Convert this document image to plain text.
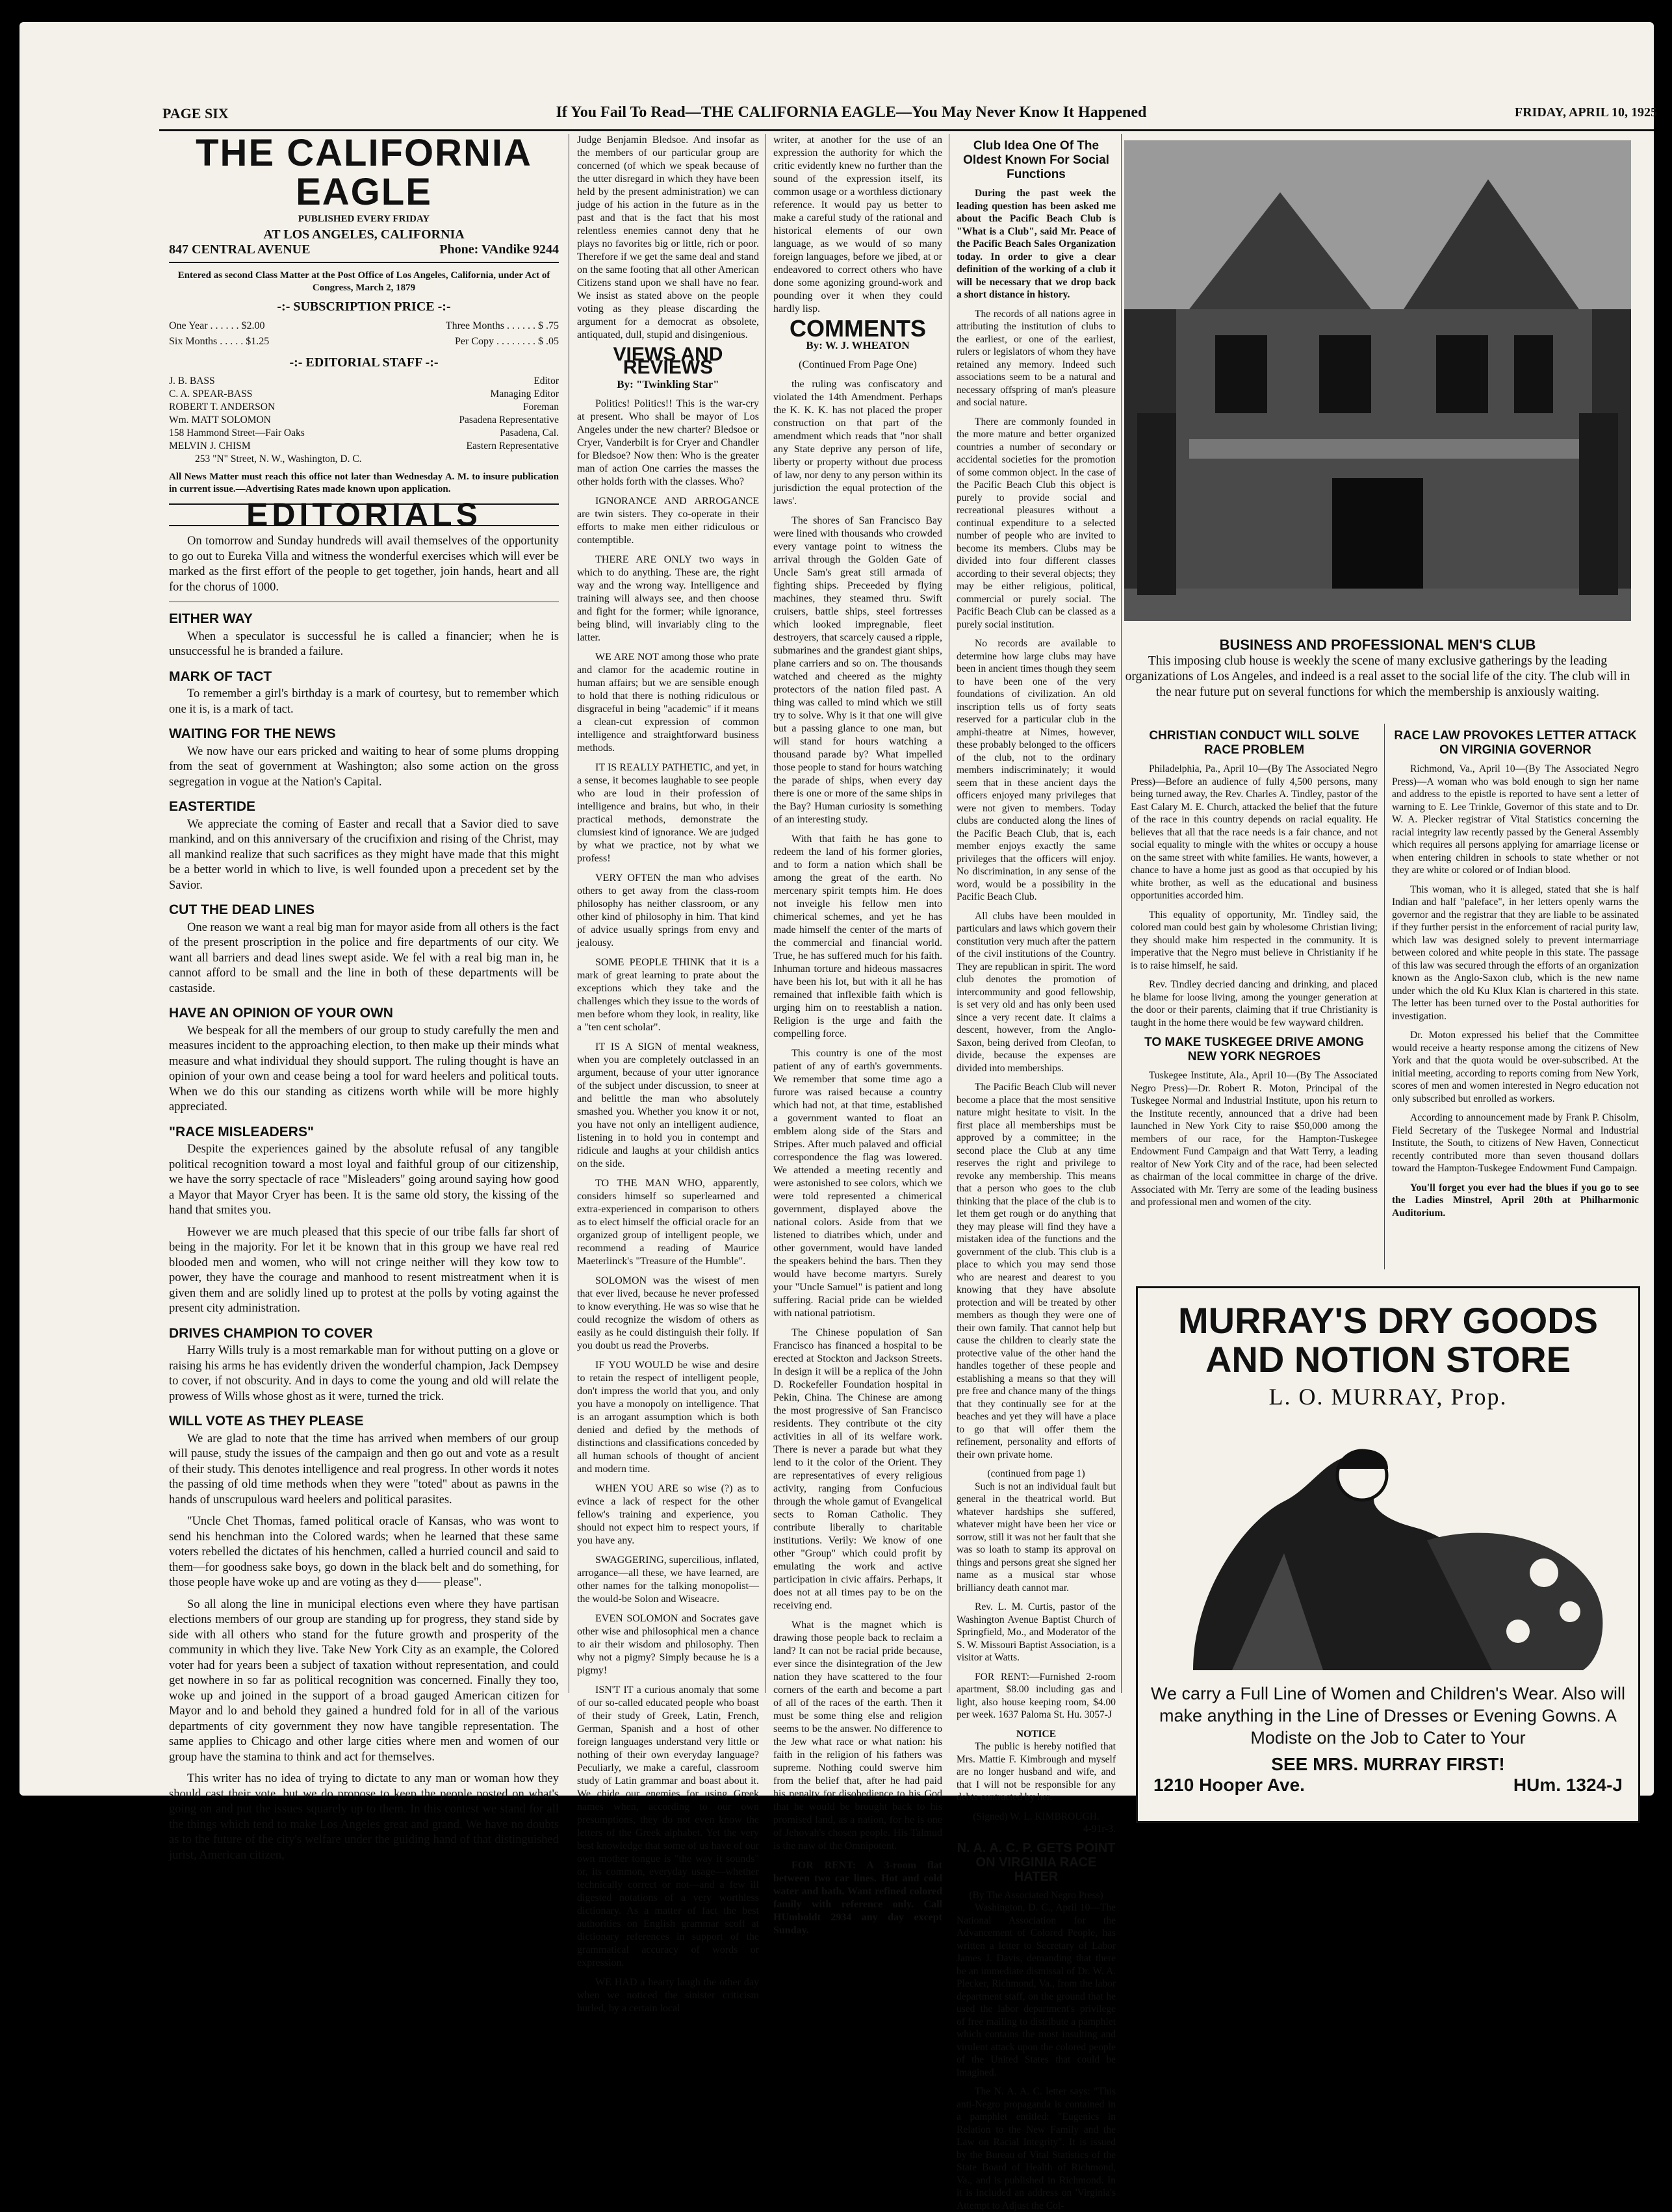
PAGE SIX	If You Fail To Read—THE CALIFORNIA EAGLE—You May Never Know It Happened	FRIDAY, APRIL 10, 1925
THE CALIFORNIA EAGLE
PUBLISHED EVERY FRIDAY
AT LOS ANGELES, CALIFORNIA
847 CENTRAL AVENUE	Phone: VAndike 9244
Entered as second Class Matter at the Post Office of Los Angeles, California, under Act of Congress, March 2, 1879
-:- SUBSCRIPTION PRICE -:-
One Year . . . . . . $2.00	Three Months . . . . . . $ .75
Six Months . . . . . $1.25	Per Copy . . . . . . . . $ .05
-:- EDITORIAL STAFF -:-
J. B. BASS	Editor
C. A. SPEAR-BASS	Managing Editor
ROBERT T. ANDERSON	Foreman
Wm. MATT SOLOMON	Pasadena Representative
158 Hammond Street—Fair Oaks	Pasadena, Cal.
MELVIN J. CHISM	Eastern Representative
253 "N" Street, N. W., Washington, D. C.
All News Matter must reach this office not later than Wednesday A. M. to insure publication in current issue.—Advertising Rates made known upon application.
EDITORIALS

On tomorrow and Sunday hundreds will avail themselves of the opportunity to go out to Eureka Villa and witness the wonderful exercises which will ever be marked as the first effort of the people to get together, join hands, heart and all for the chorus of 1000.

EITHER WAY

When a speculator is successful he is called a financier; when he is unsuccessful he is branded a failure.

MARK OF TACT

To remember a girl's birthday is a mark of courtesy, but to remember which one it is, is a mark of tact.

WAITING FOR THE NEWS

We now have our ears pricked and waiting to hear of some plums dropping from the seat of government at Washington; also some action on the gross segregation in vogue at the Nation's Capital.

EASTERTIDE

We appreciate the coming of Easter and recall that a Savior died to save mankind, and on this anniversary of the crucifixion and rising of the Christ, may all mankind realize that such sacrifices as they might have made that this might be a better world in which to live, is well founded upon a precedent set by the Savior.

CUT THE DEAD LINES

One reason we want a real big man for mayor aside from all others is the fact of the present proscription in the police and fire departments of our city. We want all barriers and dead lines swept aside. We fel with a real big man in, he cannot afford to be small and the line in both of these departments will be castaside.

HAVE AN OPINION OF YOUR OWN

We bespeak for all the members of our group to study carefully the men and measures incident to the approaching election, to then make up their minds what measure and what individual they should support. The ruling thought is have an opinion of your own and cease being a tool for ward heelers and political touts. When we do this our standing as citizens worth while will be more highly appreciated.

"RACE MISLEADERS"

Despite the experiences gained by the absolute refusal of any tangible political recognition toward a most loyal and faithful group of our citizenship, we have the sorry spectacle of race "Misleaders" going around saying how good a Mayor that Mayor Cryer has been. It is the same old story, the kissing of the hand that smites you.

However we are much pleased that this specie of our tribe falls far short of being in the majority. For let it be known that in this group we have real red blooded men and women, who will not cringe neither will they kow tow to power, they have the courage and manhood to resent mistreatment when it is given them and are solidly lined up to protest at the polls by voting against the present city administration.

DRIVES CHAMPION TO COVER

Harry Wills truly is a most remarkable man for without putting on a glove or raising his arms he has evidently driven the wonderful champion, Jack Dempsey to cover, if not obscurity. And in days to come the young and old will relate the prowess of Wills whose ghost as it were, turned the trick.

WILL VOTE AS THEY PLEASE

We are glad to note that the time has arrived when members of our group will pause, study the issues of the campaign and then go out and vote as a result of their study. This denotes intelligence and real progress. In other words it notes the passing of old time methods when they were "toted" about as pawns in the hands of unscrupulous ward heelers and political parasites.

"Uncle Chet Thomas, famed political oracle of Kansas, who was wont to send his henchman into the Colored wards; when he learned that these same voters rebelled the dictates of his henchmen, called a hurried council and said to them—for goodness sake boys, go down in the black belt and do something, for those people have woke up and are voting as they d—— please".

So all along the line in municipal elections even where they have partisan elections members of our group are standing up for progress, they stand side by side with all others who stand for the future growth and prosperity of the community in which they live. Take New York City as an example, the Colored voter had for years been a subject of taxation without representation, and could get nowhere in so far as political recognition was concerned. Finally they too, woke up and joined in the support of a broad gauged American citizen for Mayor and lo and behold they gained a hundred fold for in all of the various departments of city government they now have tangible representation. The same applies to Chicago and other large cities where men and women of our group have the stamina to think and act for themselves.

This writer has no idea of trying to dictate to any man or woman how they should cast their vote, but we do propose to keep the people posted on what's going on and put the issues squarely up to them. In this contest we stand for all the things which tend to make Los Angeles great and grand. We have no doubts as to the future of the city's welfare under the guiding hand of that distinguished jurist, American citizen,

Judge Benjamin Bledsoe. And insofar as the members of our particular group are concerned (of which we speak because of the utter disregard in which they have been held by the present administration) we can judge of his action in the future as in the past and that is the fact that his most relentless enemies cannot deny that he plays no favorites big or little, rich or poor. Therefore if we get the same deal and stand on the same footing that all other American Citizens stand upon we shall have no fear. We insist as stated above on the people voting as they please discarding the argument for a democrat as obsolete, antiquated, dull, stupid and disingenious.

VIEWS AND REVIEWS
By: "Twinkling Star"

Politics! Politics!! This is the war-cry at present. Who shall be mayor of Los Angeles under the new charter? Bledsoe or Cryer, Vanderbilt is for Cryer and Chandler for Bledsoe? Now then: Who is the greater man of action One carries the masses the other holds forth with the classes. Who?

IGNORANCE AND ARROGANCE are twin sisters. They co-operate in their efforts to make men either ridiculous or contemptible.

THERE ARE ONLY two ways in which to do anything. These are, the right way and the wrong way. Intelligence and training will always see, and then choose and fight for the former; while ignorance, being blind, will invariably cling to the latter.

WE ARE NOT among those who prate and clamor for the academic routine in human affairs; but we are sensible enough to hold that there is nothing ridiculous or disgraceful in being "academic" if it means a clean-cut expression of common intelligence and straightforward business methods.

IT IS REALLY PATHETIC, and yet, in a sense, it becomes laughable to see people who are loud in their profession of intelligence and brains, but who, in their practical methods, demonstrate the clumsiest kind of ignorance. We are judged by what we practice, not by what we profess!

VERY OFTEN the man who advises others to get away from the class-room philosophy has neither classroom, or any other kind of philosophy in him. That kind of advice usually springs from envy and jealousy.

SOME PEOPLE THINK that it is a mark of great learning to prate about the exceptions which they take and the challenges which they issue to the words of men before whom they look, in reality, like a "ten cent scholar".

IT IS A SIGN of mental weakness, when you are completely outclassed in an argument, because of your utter ignorance of the subject under discussion, to sneer at and belittle the man who absolutely smashed you. Whether you know it or not, you have not only an intelligent audience, listening in to hold you in contempt and ridicule and laughs at your childish antics on the side.

TO THE MAN WHO, apparently, considers himself so superlearned and extra-experienced in comparison to others as to elect himself the official oracle for an organized group of intelligent people, we recommend a reading of Maurice Maeterlinck's "Treasure of the Humble".

SOLOMON was the wisest of men that ever lived, because he never professed to know everything. He was so wise that he could recognize the wisdom of others as easily as he could distinguish their folly. If you doubt us read the Proverbs.

IF YOU WOULD be wise and desire to retain the respect of intelligent people, don't impress the world that you, and only you have a monopoly on intelligence. That is an arrogant assumption which is both denied and defied by the methods of distinctions and classifications conceded by all human schools of thought of ancient and modern time.

WHEN YOU ARE so wise (?) as to evince a lack of respect for the other fellow's training and experience, you should not expect him to respect yours, if you have any.

SWAGGERING, supercilious, inflated, arrogance—all these, we have learned, are other names for the talking monopolist—the would-be Solon and Wiseacre.

EVEN SOLOMON and Socrates gave other wise and philosophical men a chance to air their wisdom and philosophy. Then why not a pigmy? Simply because he is a pigmy!

ISN'T IT a curious anomaly that some of our so-called educated people who boast of their study of Greek, Latin, French, German, Spanish and a host of other foreign languages understand very little or nothing of their own everyday language? Peculiarly, we make a careful, classroom study of Latin grammar and boast about it. We chide our enemies for using Greek names when, according to our own presumptions, they do not even know the letters of the Greek alphabet. Yet the very best knowledge that some of us have of our own mother tongue is "the way it sounds" or, its common, everyday usage—whether technically correct or not—and a few ill digested notations of a very worthless dictionary. As a matter of fact the best authorities on English grammar scoff at dictionary references in support of the grammatical accuracy of words or expression.

WE HAD a hearty laugh the other day when we noticed the sinister criticism hurled, by a certain local

writer, at another for the use of an expression the authority for which the critic evidently knew no further than the sound of the expression itself, its common usage or a worthless dictionary reference. It would pay us better to make a careful study of the rational and historical elements of our own language, as we would of so many foreign languages, before we jibed, at or endeavored to correct others who have done some agonizing ground-work and pounding over it when they could hardly lisp.

COMMENTS
By: W. J. WHEATON
(Continued From Page One)

the ruling was confiscatory and violated the 14th Amendment. Perhaps the K. K. K. has not placed the proper construction on that part of the amendment which reads that "nor shall any State deprive any person of life, liberty or property without due process of law, nor deny to any person within its jurisdiction the equal protection of the laws'.

The shores of San Francisco Bay were lined with thousands who crowded every vantage point to witness the arrival through the Golden Gate of Uncle Sam's great still armada of fighting ships. Preceeded by flying machines, they steamed thru. Swift cruisers, battle ships, steel fortresses which looked impregnable, fleet destroyers, that scarcely caused a ripple, submarines and the grandest giant ships, plane carriers and so on. The thousands watched and cheered as the mighty protectors of the nation filed past. A thing was called to mind which we still try to solve. Why is it that one will give but a passing glance to one man, but will stand for hours watching a thousand parade by? What impelled those people to stand for hours watching the parade of ships, when every day there is one or more of the same ships in the Bay? Human curiosity is something of an interesting study.

With that faith he has gone to redeem the land of his former glories, and to form a nation which shall be among the great of the earth. No mercenary spirit tempts him. He does not inveigle his fellow men into chimerical schemes, and yet he has made himself the center of the marts of the commercial and financial world. True, he has suffered much for his faith. Inhuman torture and hideous massacres have been his lot, but with it all he has remained that inflexible faith which is urging him on to reestablish a nation. Religion is the urge and faith the compelling force.

This country is one of the most patient of any of earth's governments. We remember that some time ago a furore was raised because a country which had not, at that time, established a government wanted to float an emblem along side of the Stars and Stripes. After much palaved and official correspondence the flag was lowered. We attended a meeting recently and were astonished to see colors, which we were told represented a chimerical government, displayed above the national colors. Aside from that we listened to diatribes which, under and other government, would have landed the speakers behind the bars. Then they would have become martyrs. Surely your "Uncle Samuel" is patient and long suffering. Racial pride can be wielded with national patriotism.

The Chinese population of San Francisco has financed a hospital to be erected at Stockton and Jackson Streets. In design it will be a replica of the John D. Rockefeller Foundation hospital in Pekin, China. The Chinese are among the most progressive of San Francisco residents. They contribute ot the city activities in all of its welfare work. There is never a parade but what they lend to it the color of the Orient. They are representatives of every religious activity, ranging from Confucious through the whole gamut of Evangelical sects to Roman Catholic. They contribute liberally to charitable institutions. Verily: We know of one other "Group" which could profit by emulating the work and active participation in civic affairs. Perhaps, it does not at all times pay to be on the receiving end.

What is the magnet which is drawing those people back to reclaim a land? It can not be racial pride because, ever since the disintegration of the Jew nation they have scattered to the four corners of the earth and become a part of all of the races of the earth. Then it must be some thing else and religion seems to be the answer. No difference to the Jew what race or what nation: his faith in the religion of his fathers was supreme. Nothing could swerve him from the belief that, after he had paid his penalty for disobedience to his God that he would be brought back to his promised land, as a nation, for he is one of Jehovah's chosen people. His Talmud is the naw of the Omnipotent.

FOR RENT: A 3-room flat between two car lines. Hot and cold water and bath. Want refined colored family with reference only. Call HUmboldt 2934 any day except Sunday.

Club Idea One Of The Oldest Known For Social Functions

During the past week the leading question has been asked me about the Pacific Beach Club is "What is a Club", said Mr. Peace of the Pacific Beach Sales Organization today. In order to give a clear definition of the working of a club it will be necessary that we drop back a short distance in history.

The records of all nations agree in attributing the institution of clubs to the earliest, or one of the earliest, rulers or legislators of whom they have retained any memory. Indeed such associations seem to be a natural and necessary offspring of man's pleasure and social nature.

There are commonly founded in the more mature and better organized countries a number of secondary or accidental societies for the promotion of some common object. In the case of the Pacific Beach Club this object is purely to provide social and recreational pleasures without a continual expenditure to a selected number of people who are invited to become its members. Clubs may be divided into four different classes according to their several objects; they may be either religious, political, commercial or purely social. The Pacific Beach Club can be classed as a purely social institution.

No records are available to determine how large clubs may have been in ancient times though they seem to have been one of the very foundations of civilization. An old inscription tells us of forty seats reserved for a particular club in the amphi-theatre at Nimes, however, these probably belonged to the officers of the club, not to the ordinary members indiscriminately; it would seem that in these ancient days the officers enjoyed many privileges that were not given to members. Today clubs are conducted along the lines of the Pacific Beach Club, that is, each member enjoys exactly the same privileges that the officers will enjoy. No discrimination, in any sense of the word, would be a possibility in the Pacific Beach Club.

All clubs have been moulded in particulars and laws which govern their constitution very much after the pattern of the civil institutions of the Country. They are republican in spirit. The word club denotes the promotion of intercommunity and good fellowship, is set very old and has only been used since a very recent date. It claims a descent, however, from the Anglo-Saxon, being derived from Cleofan, to divide, because the expenses are divided into memberships.

The Pacific Beach Club will never become a place that the most sensitive nature might hesitate to visit. In the first place all memberships must be approved by a committee; in the second place the Club at any time reserves the right and privilege to revoke any membership. This means that a person who goes to the club thinking that the place of the club is to let them get rough or do anything that they may please will find they have a mistaken idea of the functions and the government of the club. This club is a place to which you may send those who are nearest and dearest to you knowing that they have absolute protection and will be treated by other members as though they were one of their own family. That cannot help but cause the children to clearly state the protective value of the other hand the handles together of these people and establishing a means so that they will pre free and chance many of the things that they continually see for at the beaches and yet they will have a place to go that will offer them the refinement, personality and efforts of their own private home.

(continued from page 1)

Such is not an individual fault but general in the theatrical world. But whatever hardships she suffered, whatever might have been her vice or sorrow, still it was not her fault that she was so loath to stamp its approval on things and persons great she signed her name as a musical star whose brilliancy death cannot mar.

Rev. L. M. Curtis, pastor of the Washington Avenue Baptist Church of Springfield, Mo., and Moderator of the S. W. Missouri Baptist Association, is a visitor at Watts.

FOR RENT:—Furnished 2-room apartment, $8.00 including gas and light, also house keeping room, $4.00 per week. 1637 Paloma St. Hu. 3057-J

NOTICE

The public is hereby notified that Mrs. Mattie F. Kimbrough and myself are no longer husband and wife, and that I will not be responsible for any debts contracted by her.

(Signed) W. L. KIMBROUGH.
4-91r-3.
N. A. A. C. P. GETS POINT ON VIRGINIA RACE HATER
(By The Associated Negro Press)

Washington, D. C., April 10—The National Association for the Advancement of Colored People, has written a letter to Secretary of Labor James J. Davis, demanding that there be an immediate dismissal of Dr. W. A. Plecker, Richmond, Va., from the labor department staff, on the ground that he used the labor department's privilege of free mailing to distribute a pamphlet which contains the most insulting and virulent attack upon the colored people of the United States that could be imagined.

The N. A. A. C. letter says: "This anti-Negro propaganda is contained in a pamphlet entitled: "Eugenics in Relation to the New Family and the Law on Racial Integrity". It is issued by the Bureau of Vital Statistics of the State Board of Health of Richmond, Va., and is published in Richmond. In it is included an address on 'Virginia's Attempt to Adjust the Col-

BUSINESS AND PROFESSIONAL MEN'S CLUB
This imposing club house is weekly the scene of many exclusive gatherings by the leading organizations of Los Angeles, and indeed is a real asset to the social life of the city. The club will in the near future put on several functions for which the membership is anxiously waiting.
CHRISTIAN CONDUCT WILL SOLVE RACE PROBLEM

Philadelphia, Pa., April 10—(By The Associated Negro Press)—Before an audience of fully 4,500 persons, many being turned away, the Rev. Charles A. Tindley, pastor of the East Calary M. E. Church, attacked the belief that the future of the race in this country depends on racial equality. He believes that all that the race needs is a fair chance, and not social equality to mingle with the whites or occupy a house on the same street with white families. He wants, however, a chance to have a home just as good as that occupied by his white brother, as well as the educational and business opportunities accorded him.

This equality of opportunity, Mr. Tindley said, the colored man could best gain by wholesome Christian living; they should make him respected in the community. It is imperative that the Negro must believe in Christianity if he is to raise himself, he said.

Rev. Tindley decried dancing and drinking, and placed he blame for loose living, among the younger generation at the door or their parents, claiming that if true Christianity is taught in the home there would be few wayward children.

TO MAKE TUSKEGEE DRIVE AMONG NEW YORK NEGROES

Tuskegee Institute, Ala., April 10—(By The Associated Negro Press)—Dr. Robert R. Moton, Principal of the Tuskegee Normal and Industrial Institute, upon his return to the Institute recently, announced that a drive had been launched in New York City to raise $50,000 among the members of our race, for the Hampton-Tuskegee Endowment Fund Campaign and that Watt Terry, a leading realtor of New York City and of the race, had been selected as chairman of the local committee in charge of the drive. Associated with Mr. Terry are some of the leading business and professional men and women of the city.

RACE LAW PROVOKES LETTER ATTACK ON VIRGINIA GOVERNOR

Richmond, Va., April 10—(By The Associated Negro Press)—A woman who was bold enough to sign her name and address to the epistle is reported to have sent a letter of warning to E. Lee Trinkle, Governor of this state and to Dr. W. A. Plecker registrar of Vital Statistics concerning the racial integrity law recently passed by the General Assembly which requires all persons applying for amarriage license or when entering children in schools to state whether or not they are white or colored or of Indian blood.

This woman, who it is alleged, stated that she is half Indian and half "paleface", in her letters openly warns the governor and the registrar that they are liable to be assinated if they further persist in the enforcement of racial purity law, which law was designed solely to prevent intermarriage between colored and white people in this state. The passage of this law was secured through the efforts of an organization known as the Anglo-Saxon club, which is the new name under which the old Ku Klux Klan is chartered in this state. The letter has been turned over to the Postal authorities for investigation.

Dr. Moton expressed his belief that the Committee would receive a hearty response among the citizens of New York and that the quota would be over-subscribed. At the initial meeting, according to reports coming from New York, scores of men and women interested in Negro education not only subscribed but enrolled as workers.

According to announcement made by Frank P. Chisolm, Field Secretary of the Tuskegee Normal and Industrial Institute, the South, to citizens of New Haven, Connecticut recently contributed more than seven thousand dollars toward the Hampton-Tuskegee Endowment Fund Campaign.

You'll forget you ever had the blues if you go to see the Ladies Minstrel, April 20th at Philharmonic Auditorium.

MURRAY'S DRY GOODS AND NOTION STORE
L. O. MURRAY, Prop.
We carry a Full Line of Women and Children's Wear. Also will make anything in the Line of Dresses or Evening Gowns. A Modiste on the Job to Cater to Your
SEE MRS. MURRAY FIRST!
1210 Hooper Ave.	HUm. 1324-J
